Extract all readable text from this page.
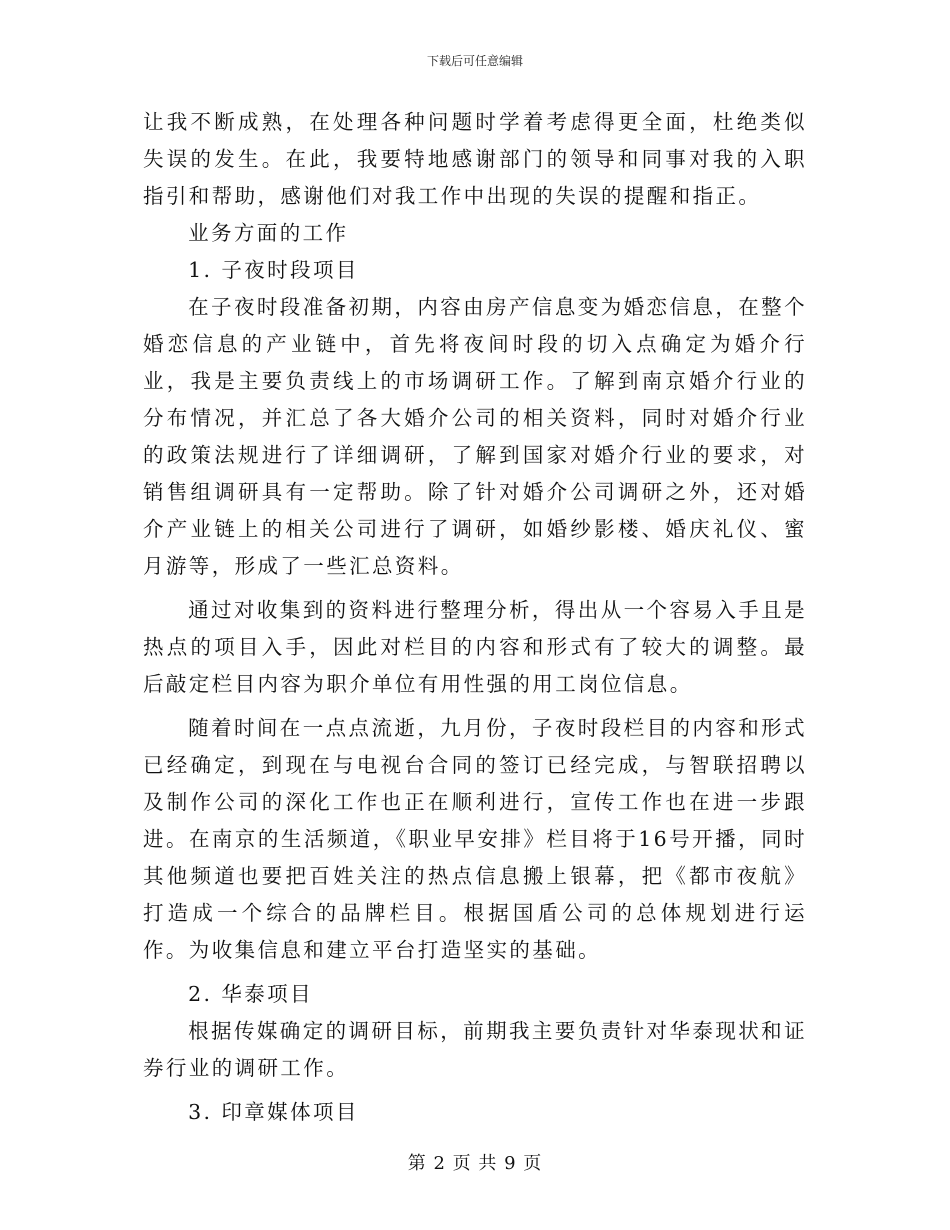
下载后可任意编辑

让我不断成熟，在处理各种问题时学着考虑得更全面，杜绝类似失误的发生。在此，我要特地感谢部门的领导和同事对我的入职指引和帮助，感谢他们对我工作中出现的失误的提醒和指正。

业务方面的工作

1. 子夜时段项目

在子夜时段准备初期，内容由房产信息变为婚恋信息，在整个婚恋信息的产业链中，首先将夜间时段的切入点确定为婚介行业，我是主要负责线上的市场调研工作。了解到南京婚介行业的分布情况，并汇总了各大婚介公司的相关资料，同时对婚介行业的政策法规进行了详细调研，了解到国家对婚介行业的要求，对销售组调研具有一定帮助。除了针对婚介公司调研之外，还对婚介产业链上的相关公司进行了调研，如婚纱影楼、婚庆礼仪、蜜月游等，形成了一些汇总资料。

通过对收集到的资料进行整理分析，得出从一个容易入手且是热点的项目入手，因此对栏目的内容和形式有了较大的调整。最后敲定栏目内容为职介单位有用性强的用工岗位信息。

随着时间在一点点流逝，九月份，子夜时段栏目的内容和形式已经确定，到现在与电视台合同的签订已经完成，与智联招聘以及制作公司的深化工作也正在顺利进行，宣传工作也在进一步跟进。在南京的生活频道，《职业早安排》栏目将于16号开播，同时其他频道也要把百姓关注的热点信息搬上银幕，把《都市夜航》打造成一个综合的品牌栏目。根据国盾公司的总体规划进行运作。为收集信息和建立平台打造坚实的基础。

2. 华泰项目

根据传媒确定的调研目标，前期我主要负责针对华泰现状和证券行业的调研工作。

3. 印章媒体项目

第 2 页 共 9 页
